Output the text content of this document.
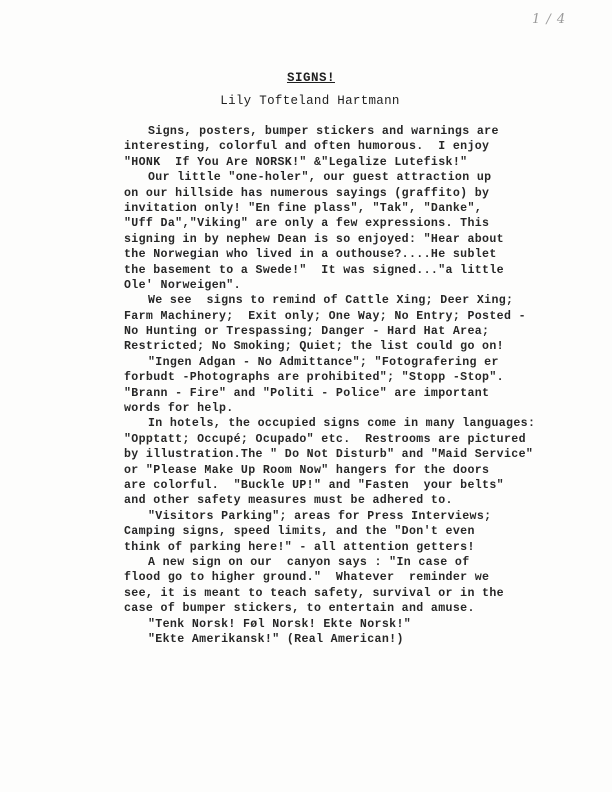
1 / 4
SIGNS!
Lily Tofteland Hartmann
Signs, posters, bumper stickers and warnings are
interesting, colorful and often humorous.  I enjoy
"HONK  If You Are NORSK!" &"Legalize Lutefisk!"
Our little "one-holer", our guest attraction up
on our hillside has numerous sayings (graffito) by
invitation only! "En fine plass", "Tak", "Danke",
"Uff Da","Viking" are only a few expressions. This
signing in by nephew Dean is so enjoyed: "Hear about
the Norwegian who lived in a outhouse?....He sublet
the basement to a Swede!"  It was signed..."a little
Ole' Norweigen".
We see  signs to remind of Cattle Xing; Deer Xing;
Farm Machinery;  Exit only; One Way; No Entry; Posted -
No Hunting or Trespassing; Danger - Hard Hat Area;
Restricted; No Smoking; Quiet; the list could go on!
"Ingen Adgan - No Admittance"; "Fotografering er
forbudt -Photographs are prohibited"; "Stopp -Stop".
"Brann - Fire" and "Politi - Police" are important
words for help.
In hotels, the occupied signs come in many languages:
"Opptatt; Occupé; Ocupado" etc.  Restrooms are pictured
by illustration.The " Do Not Disturb" and "Maid Service"
or "Please Make Up Room Now" hangers for the doors
are colorful.  "Buckle UP!" and "Fasten  your belts"
and other safety measures must be adhered to.
"Visitors Parking"; areas for Press Interviews;
Camping signs, speed limits, and the "Don't even
think of parking here!" - all attention getters!
A new sign on our  canyon says : "In case of
flood go to higher ground."  Whatever  reminder we
see, it is meant to teach safety, survival or in the
case of bumper stickers, to entertain and amuse.
"Tenk Norsk! Føl Norsk! Ekte Norsk!"
"Ekte Amerikansk!" (Real American!)
